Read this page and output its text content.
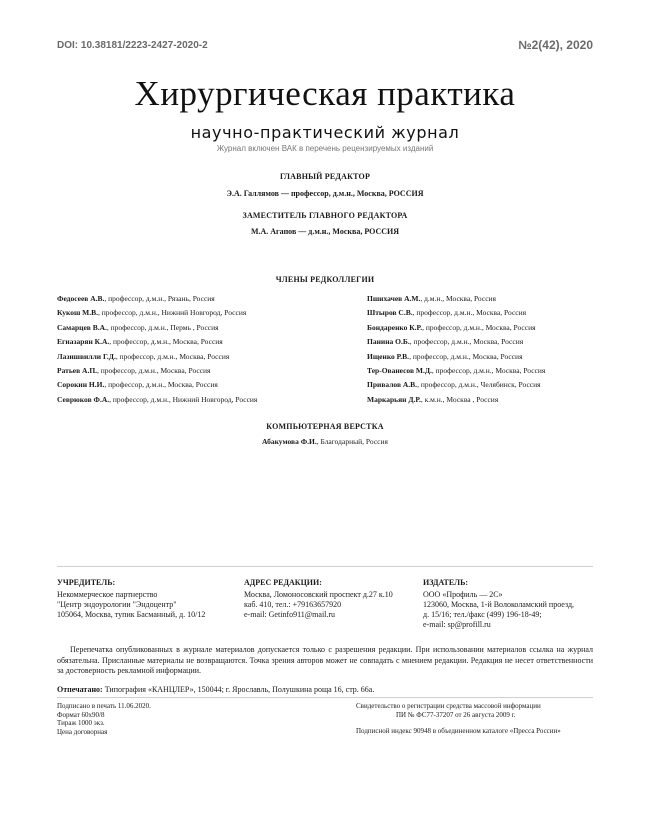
DOI: 10.38181/2223-2427-2020-2	№2(42), 2020
Хирургическая практика
научно-практический журнал
Журнал включен ВАК в перечень рецензируемых изданий
ГЛАВНЫЙ РЕДАКТОР
Э.А. Галлямов — профессор, д.м.н., Москва, РОССИЯ
ЗАМЕСТИТЕЛЬ ГЛАВНОГО РЕДАКТОРА
М.А. Агапов — д.м.н., Москва, РОССИЯ
ЧЛЕНЫ РЕДКОЛЛЕГИИ
Федосеев А.В., профессор, д.м.н., Рязань, Россия
Кукош М.В., профессор, д.м.н., Нижний Новгород, Россия
Самарцев В.А., профессор, д.м.н., Пермь , Россия
Егиазарян К.А., профессор, д.м.н., Москва, Россия
Лазишвилли Г.Д., профессор, д.м.н., Москва, Россия
Ратьев А.П., профессор, д.м.н., Москва, Россия
Сорокин Н.И., профессор, д.м.н., Москва, Россия
Севрюков Ф.А., профессор, д.м.н., Нижний Новгород, Россия
Пшихачев А.М., д.м.н., Москва, Россия
Штыров С.В., профессор, д.м.н., Москва, Россия
Бондаренко К.Р., профессор, д.м.н., Москва, Россия
Панина О.Б., профессор, д.м.н., Москва, Россия
Ищенко Р.В., профессор, д.м.н., Москва, Россия
Тер-Ованесов М.Д., профессор, д.м.н., Москва, Россия
Привалов А.В., профессор, д.м.н., Челябинск, Россия
Маркарьян Д.Р., к.м.н., Москва , Россия
КОМПЬЮТЕРНАЯ ВЕРСТКА
Абакумова Ф.И., Благодарный, Россия
УЧРЕДИТЕЛЬ:
Некоммерческое партнерство
"Центр эндоурологии "Эндоцентр"
105064, Москва, тупик Басманный, д. 10/12
АДРЕС РЕДАКЦИИ:
Москва, Ломоносовский проспект д.27 к.10
каб. 410, тел.: +79163657920
e-mail: Getinfo911@mail.ru
ИЗДАТЕЛЬ:
ООО «Профиль — 2С»
123060, Москва, 1-й Волоколамский проезд,
д. 15/16; тел./факс (499) 196-18-49;
e-mail: sp@profill.ru
Перепечатка опубликованных в журнале материалов допускается только с разрешения редакции. При использовании материалов ссылка на журнал обязательна. Присланные материалы не возвращаются. Точка зрения авторов может не совпадать с мнением редакции. Редакция не несет ответственности за достоверность рекламной информации.
Отпечатано: Типография «КАНЦЛЕР», 150044; г. Ярославль, Полушкина роща 16, стр. 66а.
Подписано в печать 11.06.2020.
Формат 60х90/8
Тираж 1000 экз.
Цена договорная
Свидетельство о регистрации средства массовой информации
ПИ № ФС77-37207 от 26 августа 2009 г.
Подписной индекс 90948 в объединенном каталоге «Пресса России»
